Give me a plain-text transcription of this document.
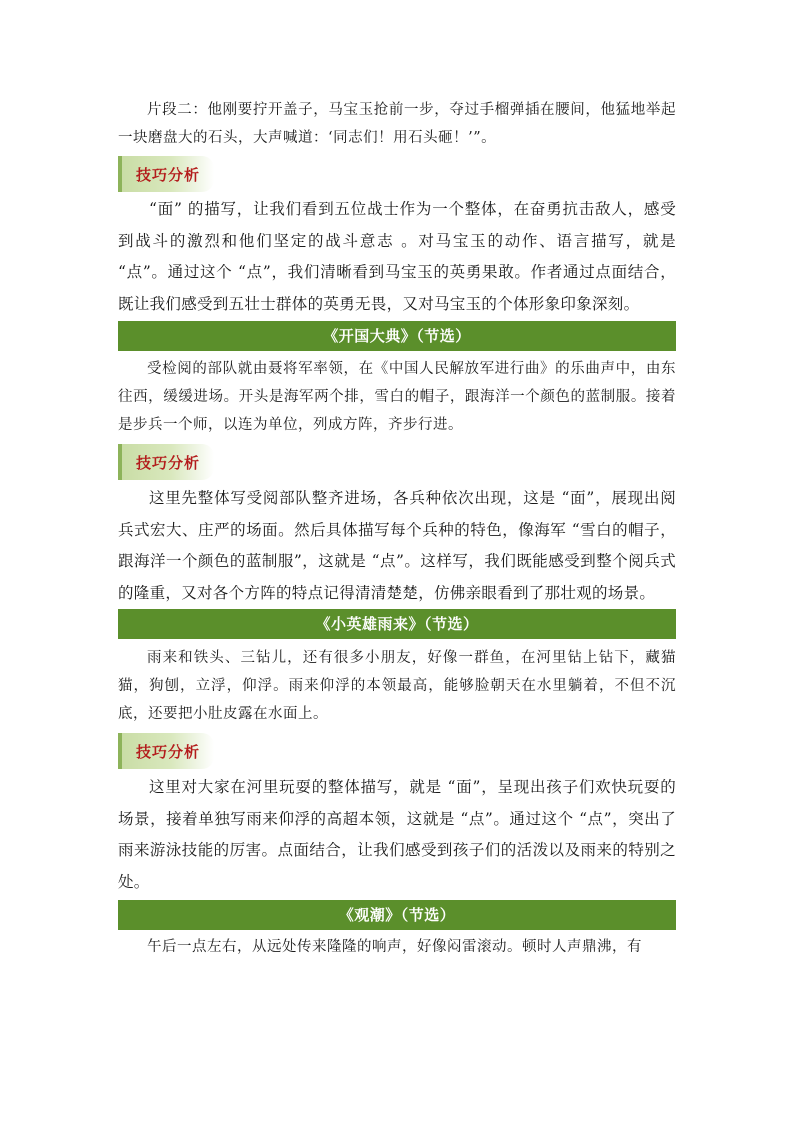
片段二：他刚要拧开盖子，马宝玉抢前一步，夺过手榴弹插在腰间，他猛地举起一块磨盘大的石头，大声喊道：‘同志们！用石头砸！’”。

技巧分析

“面” 的描写，让我们看到五位战士作为一个整体，在奋勇抗击敌人，感受到战斗的激烈和他们坚定的战斗意志 。对马宝玉的动作、语言描写，就是 “点”。通过这个 “点”，我们清晰看到马宝玉的英勇果敢。作者通过点面结合，既让我们感受到五壮士群体的英勇无畏，又对马宝玉的个体形象印象深刻。

《开国大典》（节选）

受检阅的部队就由聂将军率领，在《中国人民解放军进行曲》的乐曲声中，由东往西，缓缓进场。开头是海军两个排，雪白的帽子，跟海洋一个颜色的蓝制服。接着是步兵一个师，以连为单位，列成方阵，齐步行进。

技巧分析

这里先整体写受阅部队整齐进场，各兵种依次出现，这是 “面”，展现出阅兵式宏大、庄严的场面。然后具体描写每个兵种的特色，像海军 “雪白的帽子，跟海洋一个颜色的蓝制服”，这就是 “点”。这样写，我们既能感受到整个阅兵式的隆重，又对各个方阵的特点记得清清楚楚，仿佛亲眼看到了那壮观的场景。

《小英雄雨来》（节选）

雨来和铁头、三钻儿，还有很多小朋友，好像一群鱼，在河里钻上钻下，藏猫猫，狗刨，立浮，仰浮。雨来仰浮的本领最高，能够脸朝天在水里躺着，不但不沉底，还要把小肚皮露在水面上。

技巧分析

这里对大家在河里玩耍的整体描写，就是 “面”，呈现出孩子们欢快玩耍的场景，接着单独写雨来仰浮的高超本领，这就是 “点”。通过这个 “点”，突出了雨来游泳技能的厉害。点面结合，让我们感受到孩子们的活泼以及雨来的特别之处。

《观潮》（节选）

午后一点左右，从远处传来隆隆的响声，好像闷雷滚动。顿时人声鼎沸，有
